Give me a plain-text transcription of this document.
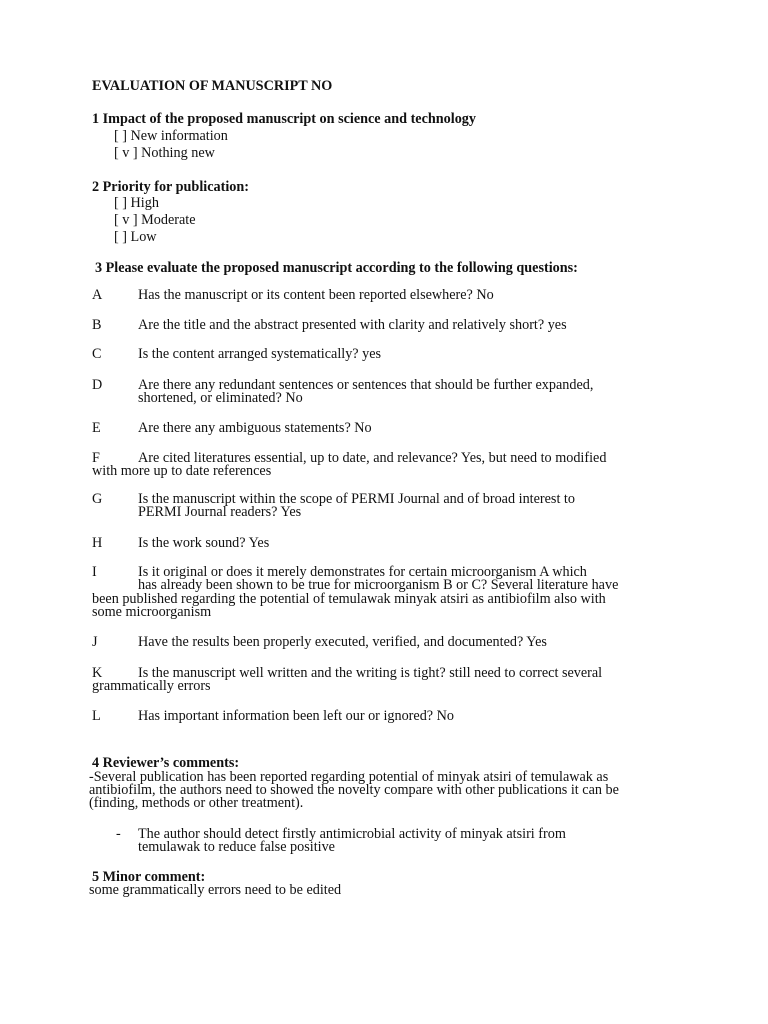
EVALUATION OF MANUSCRIPT NO
1 Impact of the proposed manuscript on science and technology
[ ] New information
[ v ] Nothing new
2 Priority for publication:
[ ] High
[ v ] Moderate
[ ] Low
3 Please evaluate the proposed manuscript according to the following questions:
A	Has the manuscript or its content been reported elsewhere? No
B	Are the title and the abstract presented with clarity and relatively short? yes
C	Is the content arranged systematically? yes
D	Are there any redundant sentences or sentences that should be further expanded,
shortened, or eliminated? No
E	Are there any ambiguous statements? No
F	Are cited literatures essential, up to date, and relevance? Yes, but need to modified
with more up to date references
G	Is the manuscript within the scope of PERMI Journal and of broad interest to
PERMI Journal readers? Yes
H	Is the work sound? Yes
I	Is it original or does it merely demonstrates for certain microorganism A which
has already been shown to be true for microorganism B or C? Several literature have
been published regarding the potential of temulawak minyak atsiri as antibiofilm also with
some microorganism
J	Have the results been properly executed, verified, and documented? Yes
K	Is the manuscript well written and the writing is tight? still need to correct several
grammatically errors
L	Has important information been left our or ignored? No
4 Reviewer’s comments:
-Several publication has been reported regarding potential of minyak atsiri of temulawak as
antibiofilm, the authors need to showed the novelty compare with other publications it can be
(finding, methods or other treatment).
- The author should detect firstly antimicrobial activity of minyak atsiri from
temulawak to reduce false positive
5 Minor comment:
some grammatically errors need to be edited
